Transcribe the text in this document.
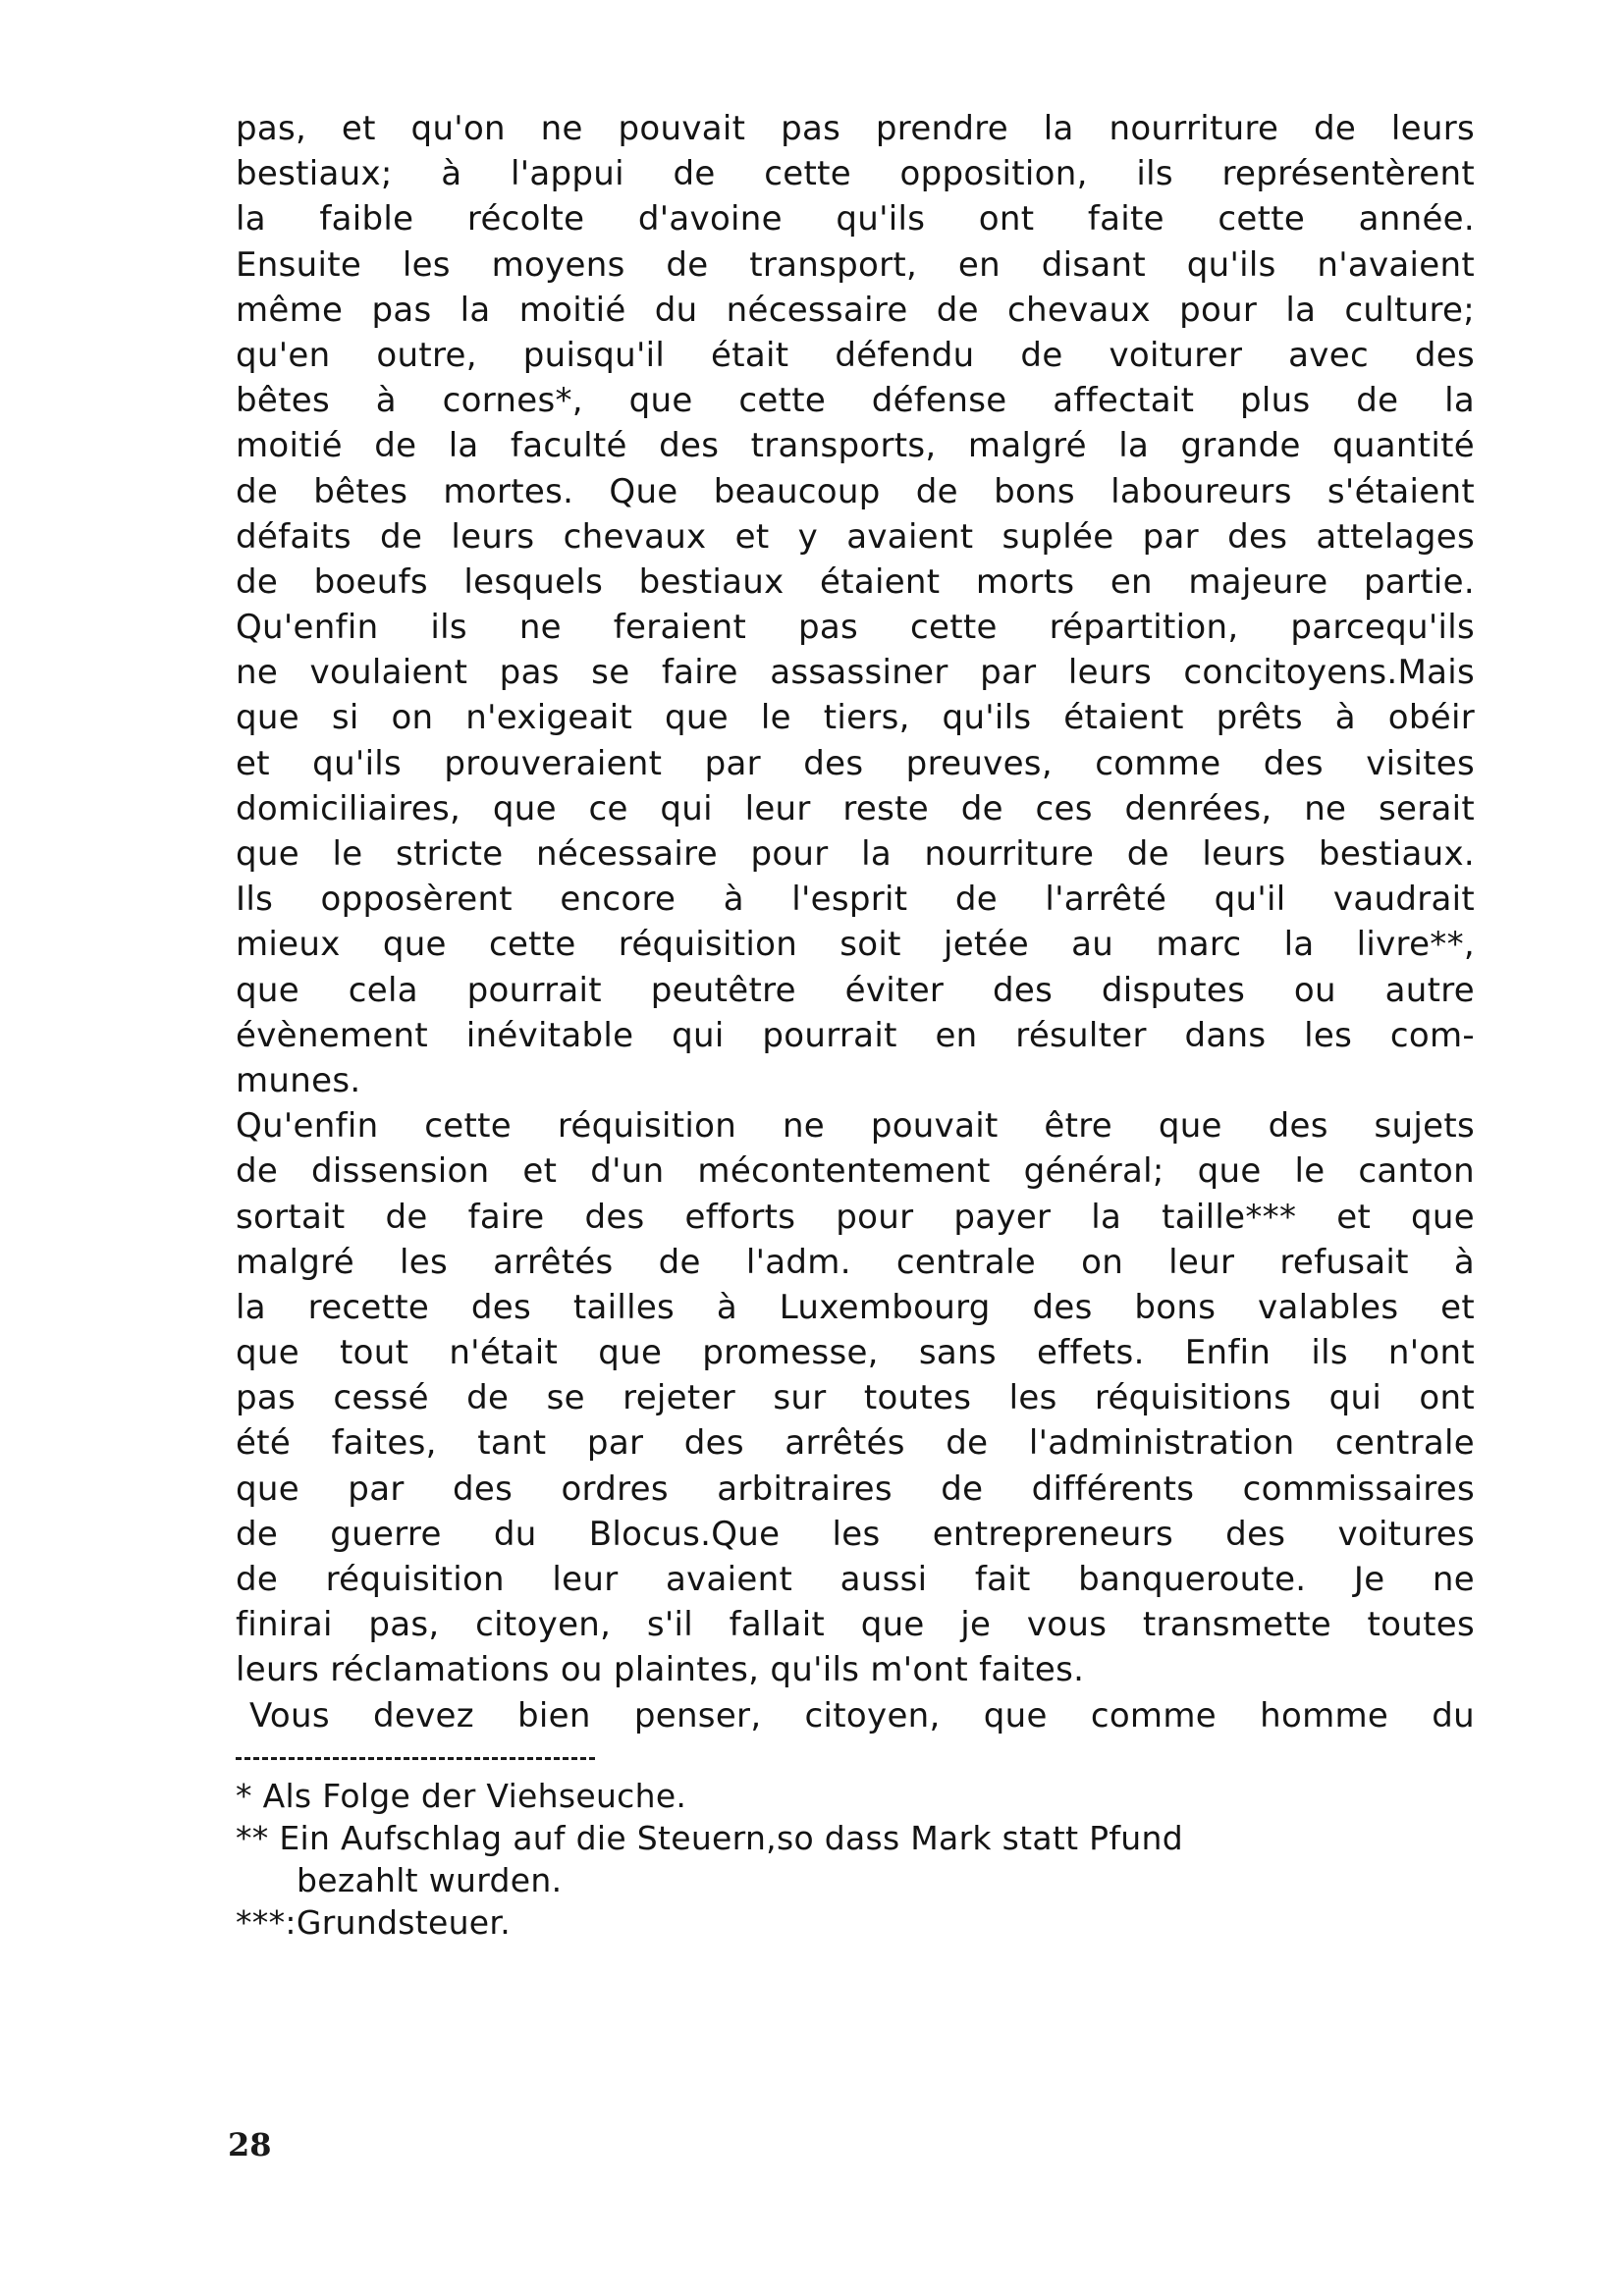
pas, et qu'on ne pouvait pas prendre la nourriture de leurs
bestiaux; à l'appui de cette opposition, ils représentèrent
la faible récolte d'avoine qu'ils ont faite cette année.
Ensuite les moyens de transport, en disant qu'ils n'avaient
même pas la moitié du nécessaire de chevaux pour la culture;
qu'en outre, puisqu'il était défendu de voiturer avec des
bêtes à cornes*, que cette défense affectait plus de la
moitié de la faculté des transports, malgré la grande quantité
de bêtes mortes. Que beaucoup de bons laboureurs s'étaient
défaits de leurs chevaux et y avaient suplée par des attelages
de boeufs lesquels bestiaux étaient morts en majeure partie.
Qu'enfin ils ne feraient pas cette répartition, parcequ'ils
ne voulaient pas se faire assassiner par leurs concitoyens.Mais
que si on n'exigeait que le tiers, qu'ils étaient prêts à obéir
et qu'ils prouveraient par des preuves, comme des visites
domiciliaires, que ce qui leur reste de ces denrées, ne serait
que le stricte nécessaire pour la nourriture de leurs bestiaux.
Ils opposèrent encore à l'esprit de l'arrêté qu'il vaudrait
mieux que cette réquisition soit jetée au marc la livre**,
que cela pourrait peutêtre éviter des disputes ou autre
évènement inévitable qui pourrait en résulter dans les com-
munes.
Qu'enfin cette réquisition ne pouvait être que des sujets
de dissension et d'un mécontentement général; que le canton
sortait de faire des efforts pour payer la taille*** et que
malgré les arrêtés de l'adm. centrale on leur refusait à
la recette des tailles à Luxembourg des bons valables et
que tout n'était que promesse, sans effets. Enfin ils n'ont
pas cessé de se rejeter sur toutes les réquisitions qui ont
été faites, tant par des arrêtés de l'administration centrale
que par des ordres arbitraires de différents commissaires
de guerre du Blocus.Que les entrepreneurs des voitures
de réquisition leur avaient aussi fait banqueroute. Je ne
finirai pas, citoyen, s'il fallait que je vous transmette toutes
leurs réclamations ou plaintes, qu'ils m'ont faites.
Vous devez bien penser, citoyen, que comme homme du
* Als Folge der Viehseuche.
** Ein Aufschlag auf die Steuern,so dass Mark statt Pfund
bezahlt wurden.
***:Grundsteuer.
28
